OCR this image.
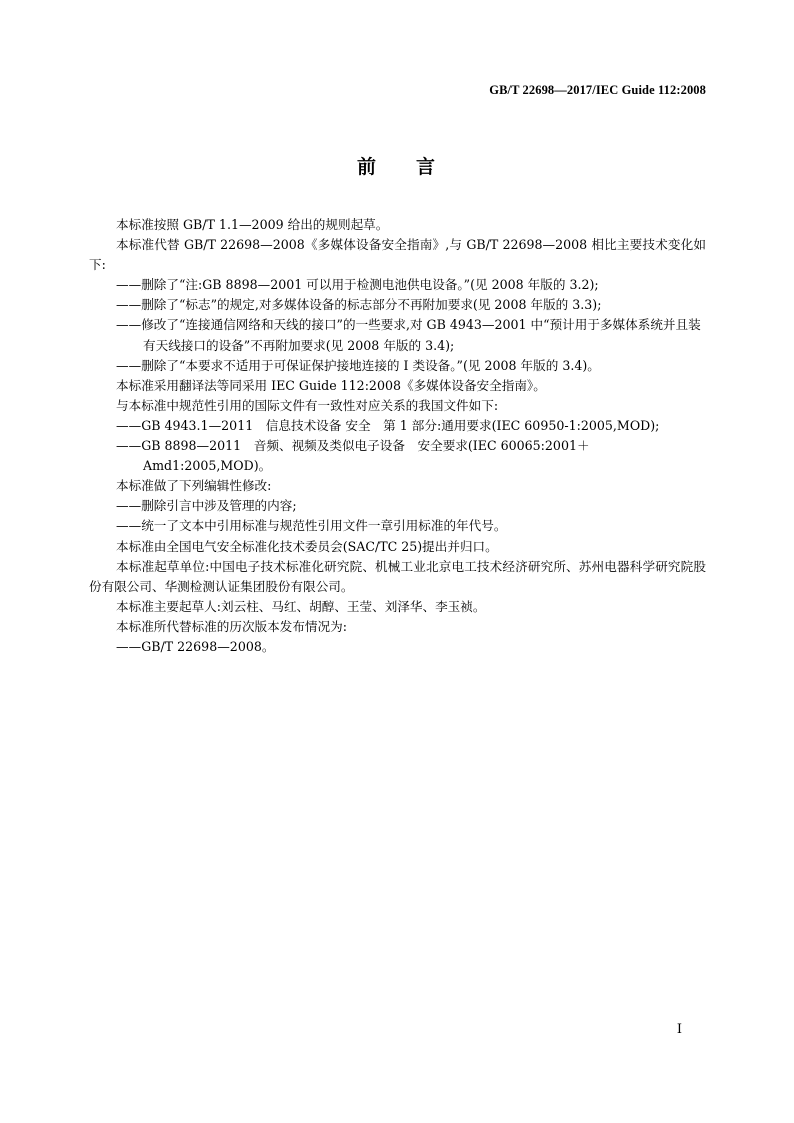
GB/T 22698—2017/IEC Guide 112:2008
前 言
本标准按照 GB/T 1.1—2009 给出的规则起草。
本标准代替 GB/T 22698—2008《多媒体设备安全指南》,与 GB/T 22698—2008 相比主要技术变化如下:
——删除了“注:GB 8898—2001 可以用于检测电池供电设备。”(见 2008 年版的 3.2);
——删除了“标志”的规定,对多媒体设备的标志部分不再附加要求(见 2008 年版的 3.3);
——修改了“连接通信网络和天线的接口”的一些要求,对 GB 4943—2001 中“预计用于多媒体系统并且装有天线接口的设备”不再附加要求(见 2008 年版的 3.4);
——删除了“本要求不适用于可保证保护接地连接的 Ⅰ 类设备。”(见 2008 年版的 3.4)。
本标准采用翻译法等同采用 IEC Guide 112:2008《多媒体设备安全指南》。
与本标准中规范性引用的国际文件有一致性对应关系的我国文件如下:
——GB 4943.1—2011　信息技术设备 安全　第 1 部分:通用要求(IEC 60950-1:2005,MOD);
——GB 8898—2011　音频、视频及类似电子设备　安全要求(IEC 60065:2001＋Amd1:2005,MOD)。
本标准做了下列编辑性修改:
——删除引言中涉及管理的内容;
——统一了文本中引用标准与规范性引用文件一章引用标准的年代号。
本标准由全国电气安全标准化技术委员会(SAC/TC 25)提出并归口。
本标准起草单位:中国电子技术标准化研究院、机械工业北京电工技术经济研究所、苏州电器科学研究院股份有限公司、华测检测认证集团股份有限公司。
本标准主要起草人:刘云柱、马红、胡醇、王莹、刘泽华、李玉祯。
本标准所代替标准的历次版本发布情况为:
——GB/T 22698—2008。
Ⅰ
